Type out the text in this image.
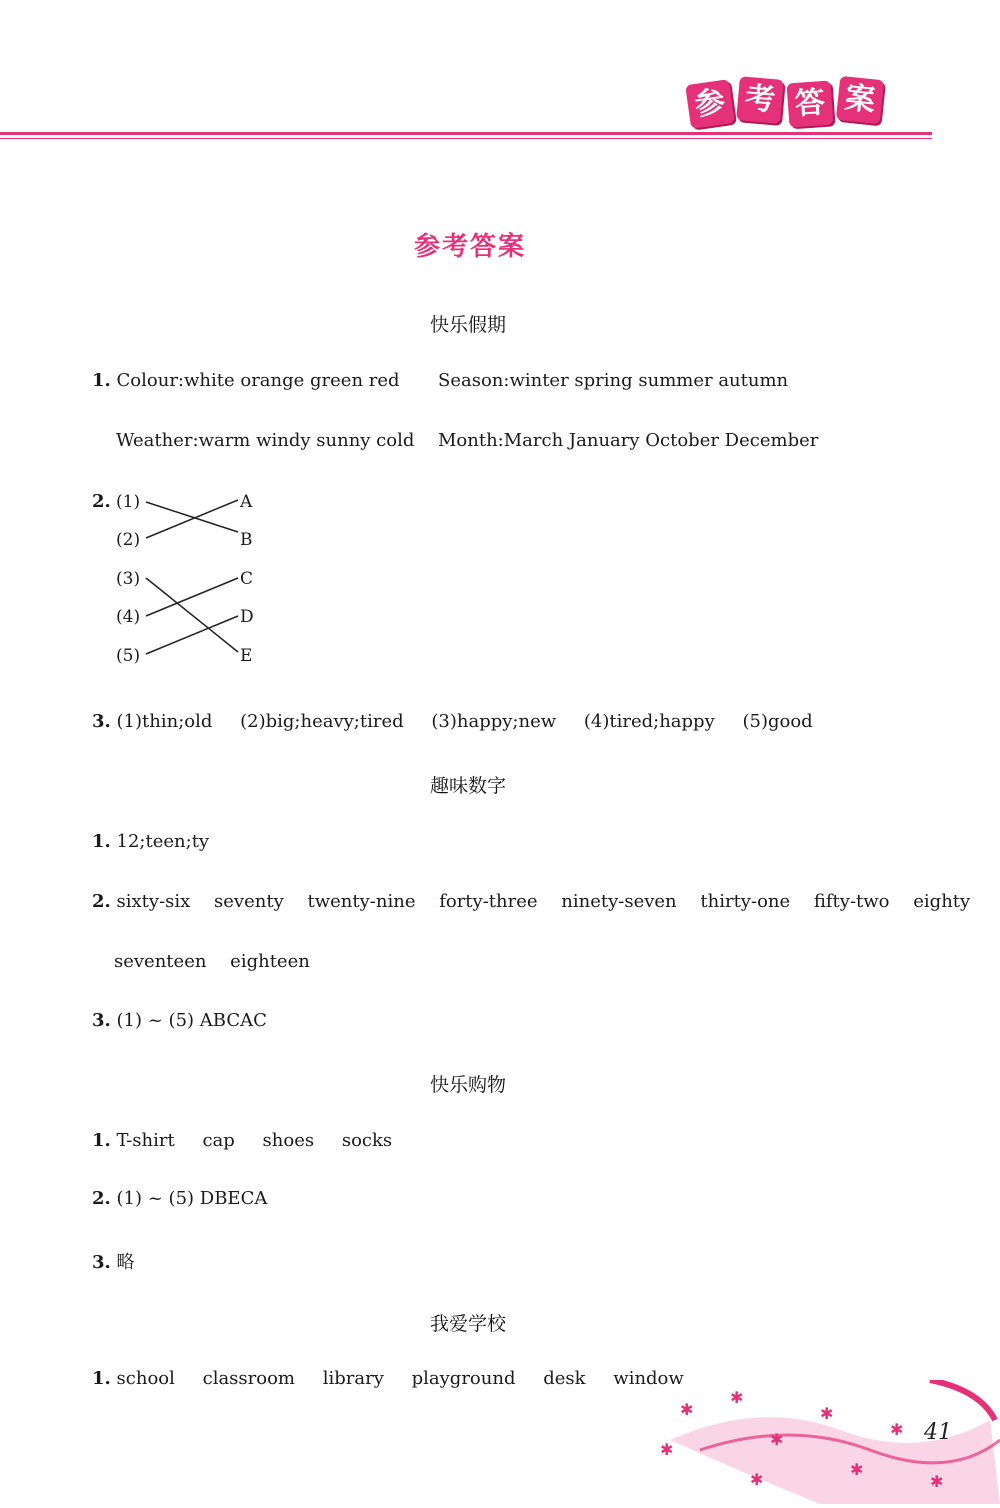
参 考 答 案
参考答案
快乐假期
1. Colour:white orange green red Season:winter spring summer autumn
Weather:warm windy sunny cold Month:March January October December
2. (1)
(2)
(3)
(4)
(5)
A
B
C
D
E
3. (1)thin;old (2)big;heavy;tired (3)happy;new (4)tired;happy (5)good
趣味数字
1. 12;teen;ty
2. sixty-six seventy twenty-nine forty-three ninety-seven thirty-one fifty-two eighty
seventeen eighteen
3. (1) ~ (5) ABCAC
快乐购物
1. T-shirt cap shoes socks
2. (1) ~ (5) DBECA
3. 略
我爱学校
1. school classroom library playground desk window
✱
✱
✱
✱
✱
✱
✱
✱	✱
41
